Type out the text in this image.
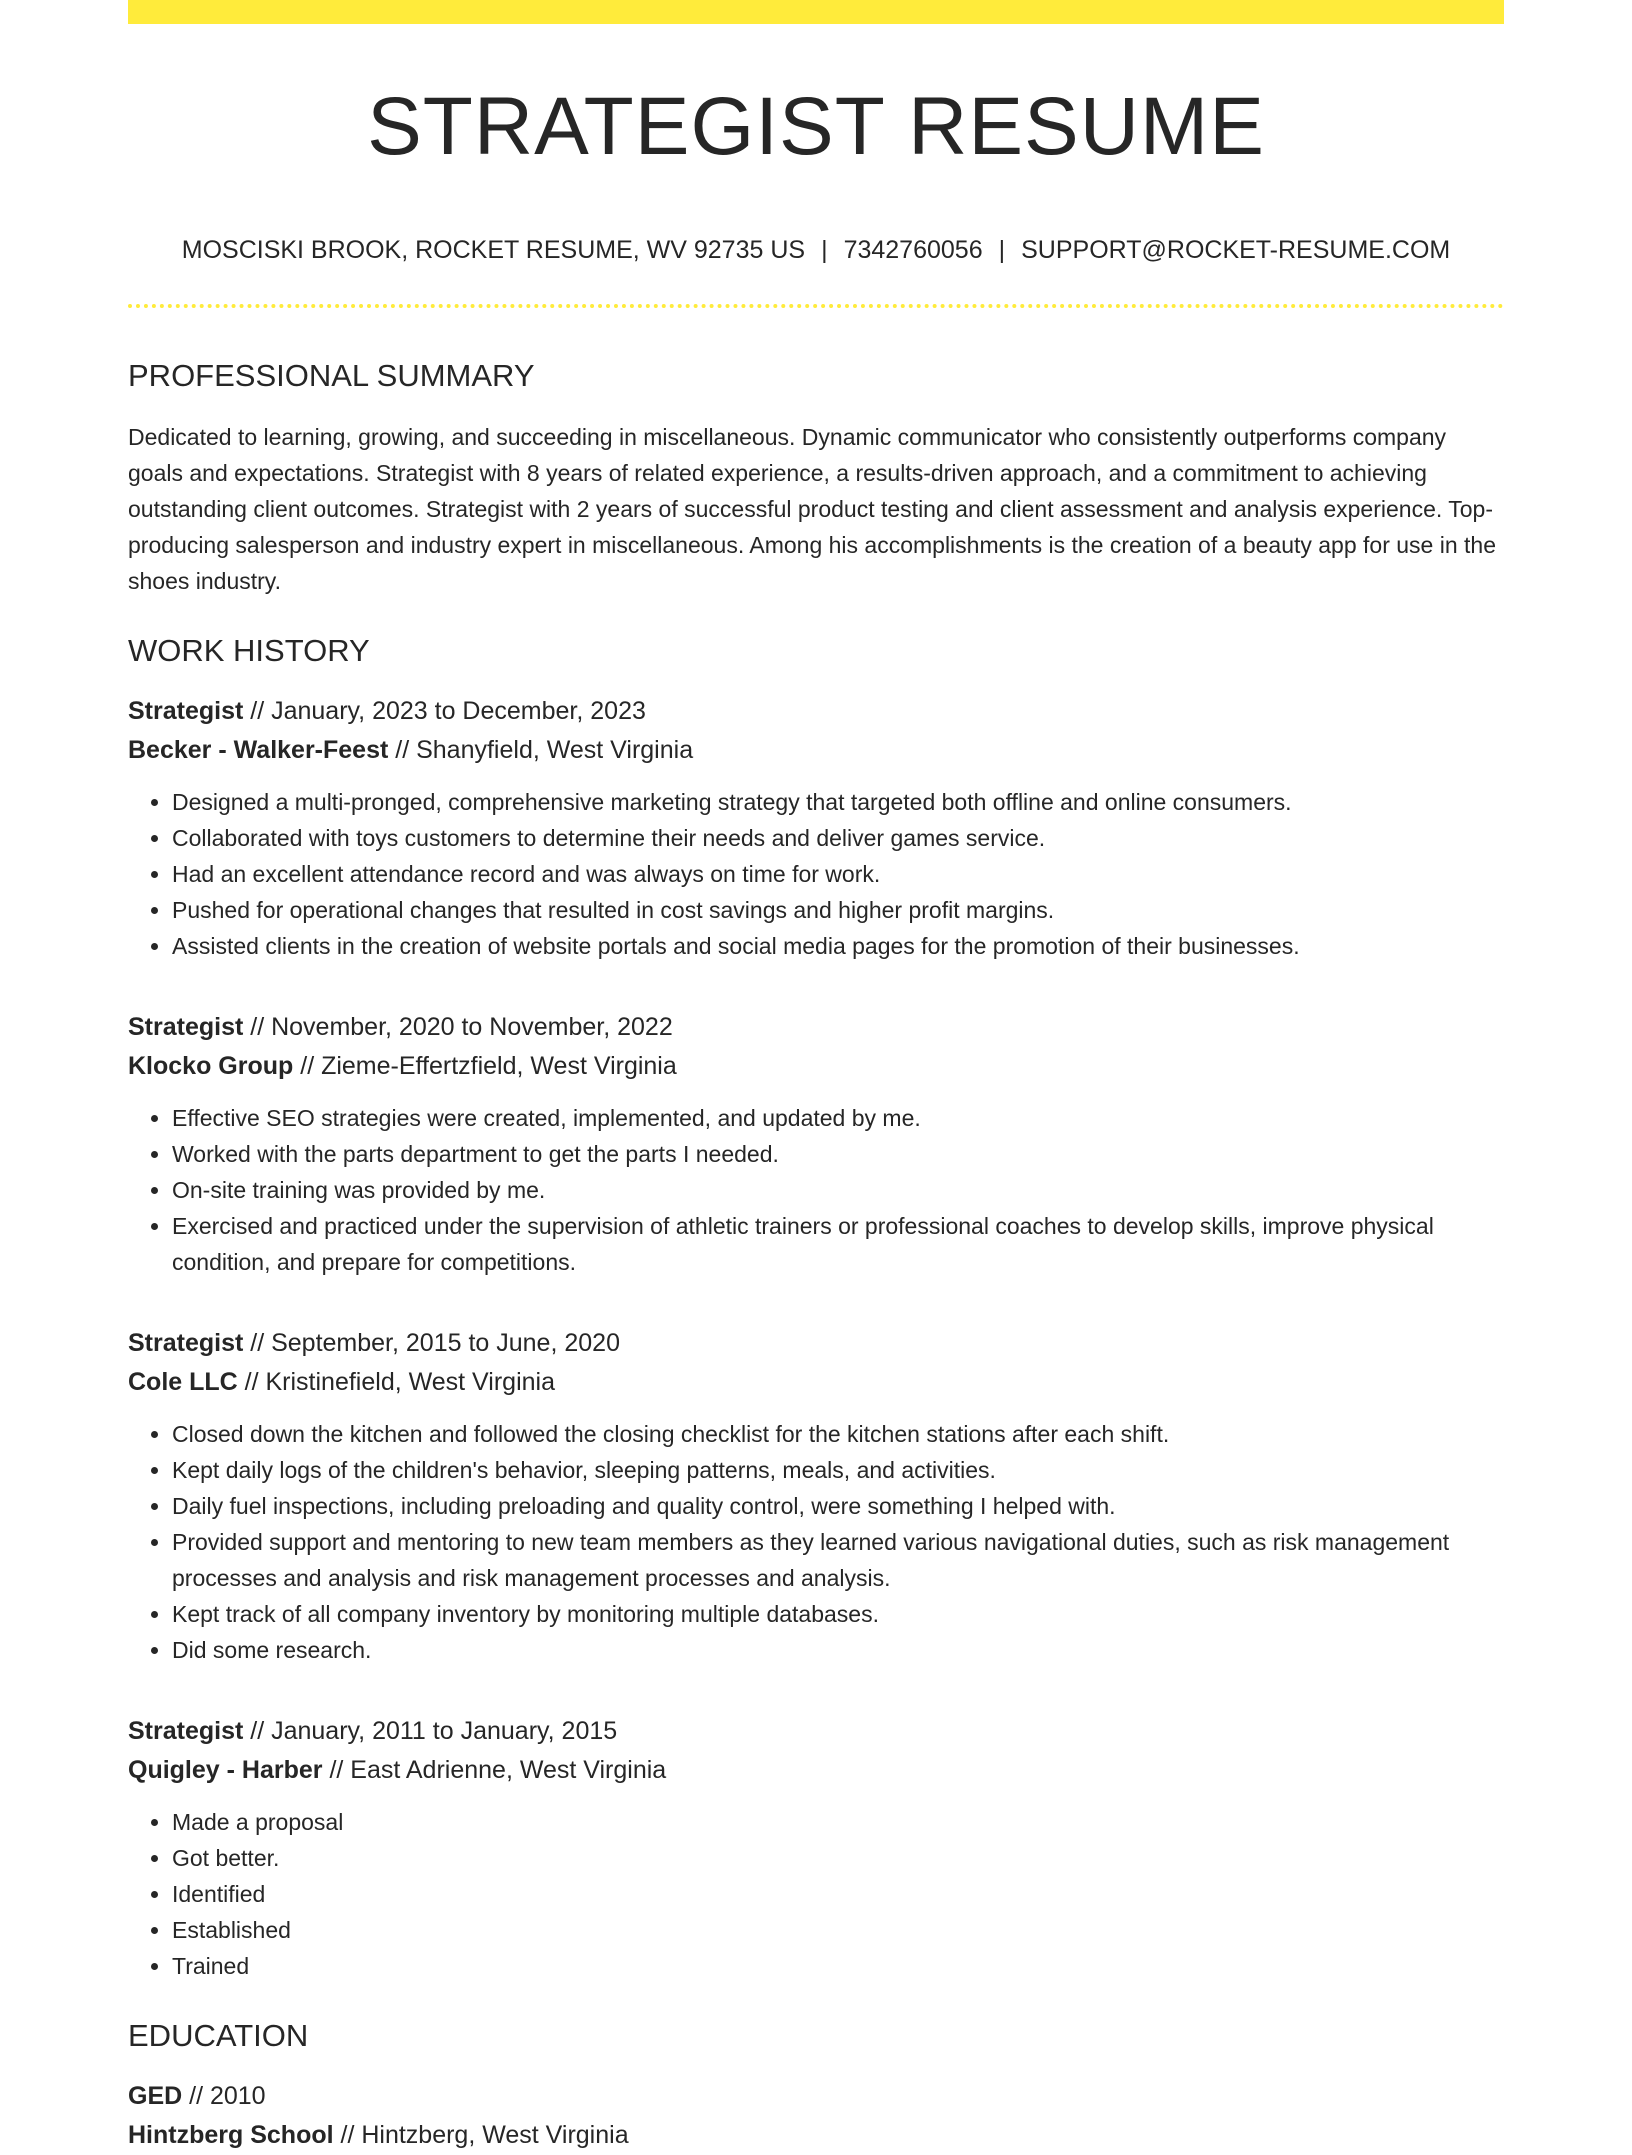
STRATEGIST RESUME
MOSCISKI BROOK, ROCKET RESUME, WV 92735 US | 7342760056 | SUPPORT@ROCKET-RESUME.COM
PROFESSIONAL SUMMARY

Dedicated to learning, growing, and succeeding in miscellaneous. Dynamic communicator who consistently outperforms company goals and expectations. Strategist with 8 years of related experience, a results-driven approach, and a commitment to achieving outstanding client outcomes. Strategist with 2 years of successful product testing and client assessment and analysis experience. Top-producing salesperson and industry expert in miscellaneous. Among his accomplishments is the creation of a beauty app for use in the shoes industry.

WORK HISTORY
Strategist // January, 2023 to December, 2023
Becker - Walker-Feest // Shanyfield, West Virginia
• Designed a multi-pronged, comprehensive marketing strategy that targeted both offline and online consumers.
• Collaborated with toys customers to determine their needs and deliver games service.
• Had an excellent attendance record and was always on time for work.
• Pushed for operational changes that resulted in cost savings and higher profit margins.
• Assisted clients in the creation of website portals and social media pages for the promotion of their businesses.
Strategist // November, 2020 to November, 2022
Klocko Group // Zieme-Effertzfield, West Virginia
• Effective SEO strategies were created, implemented, and updated by me.
• Worked with the parts department to get the parts I needed.
• On-site training was provided by me.
• Exercised and practiced under the supervision of athletic trainers or professional coaches to develop skills, improve physical condition, and prepare for competitions.
Strategist // September, 2015 to June, 2020
Cole LLC // Kristinefield, West Virginia
• Closed down the kitchen and followed the closing checklist for the kitchen stations after each shift.
• Kept daily logs of the children's behavior, sleeping patterns, meals, and activities.
• Daily fuel inspections, including preloading and quality control, were something I helped with.
• Provided support and mentoring to new team members as they learned various navigational duties, such as risk management processes and analysis and risk management processes and analysis.
• Kept track of all company inventory by monitoring multiple databases.
• Did some research.
Strategist // January, 2011 to January, 2015
Quigley - Harber // East Adrienne, West Virginia
• Made a proposal
• Got better.
• Identified
• Established
• Trained
EDUCATION
GED // 2010
Hintzberg School // Hintzberg, West Virginia
